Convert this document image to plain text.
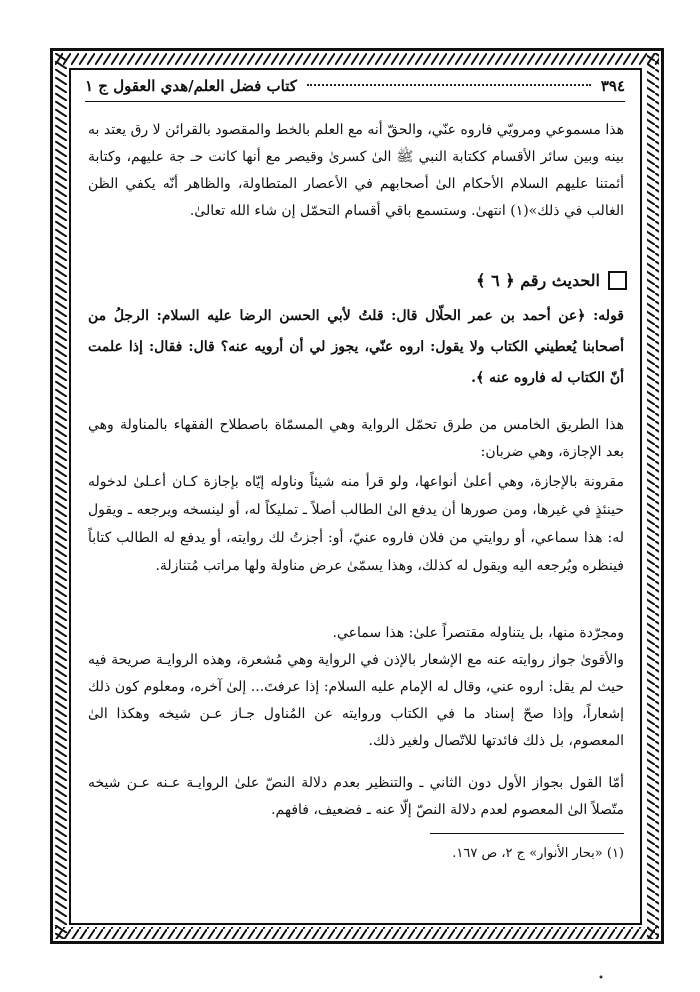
٣٩٤
كتاب فضل العلم/هدي العقول ج ١
هذا مسموعي ومرويّي فاروه عنّي، والحقّ أنه مع العلم بالخط والمقصود بالقرائن لا رق يعتد به بينه وبين سائر الأقسام ككتابة النبي ﷺ الىٰ كسرىٰ وقيصر مع أنها كانت حـ جة عليهم، وكتابة أئمتنا عليهم السلام الأحكام الىٰ أصحابهم في الأعصار المتطاولة، والظاهر أنّه يكفي الظن الغالب في ذلك»(١) انتهىٰ. وستسمع باقي أقسام التحمّل إن شاء الله تعالىٰ.
الحديث رقم ﴿ ٦ ﴾
قوله: ﴿عن أحمد بن عمر الحلّال قال: قلتُ لأبي الحسن الرضا عليه السلام: الرجلُ من أصحابنا يُعطيني الكتاب ولا يقول: اروه عنّي، يجوز لي أن أرويه عنه؟ قال: فقال: إذا علمت أنّ الكتاب له فاروه عنه ﴾.
هذا الطريق الخامس من طرق تحمّل الرواية وهي المسمّاة باصطلاح الفقهاء بالمناولة وهي بعد الإجازة، وهي ضربان:
مقرونة بالإجازة، وهي أعلىٰ أنواعها، ولو قرأ منه شيئاً وناوله إيّاه بإجازة كـان أعـلىٰ لدخوله حينئذٍ في غيرها، ومن صورها أن يدفع الىٰ الطالب أصلاً ـ تمليكاً له، أو لينسخه ويرجعه ـ ويقول له: هذا سماعي، أو روايتي من فلان فاروه عنيّ، أو: أجزتُ لك روايته، أو يدفع له الطالب كتاباً فينظره ويُرجعه اليه ويقول له كذلك، وهذا يسمّىٰ عرض مناولة ولها مراتب مُتنازلة.
ومجرّدة منها، بل يتناوله مقتصراً علىٰ: هذا سماعي.
والأقوىٰ جواز روايته عنه مع الإشعار بالإذن في الرواية وهي مُشعرة، وهذه الروايـة صريحة فيه حيث لم يقل: اروه عني، وقال له الإمام عليه السلام: إذا عرفتَ... إلىٰ آخره، ومعلوم كون ذلك إشعاراً، وإذا صحّ إسناد ما في الكتاب وروايته عن المُناول جـاز عـن شيخه وهكذا الىٰ المعصوم، بل ذلك فائدتها للاتّصال ولغير ذلك.
أمّا القول بجواز الأول دون الثاني ـ والتنظير بعدم دلالة النصّ علىٰ الروايـة عـنه عـن شيخه متّصلاً الىٰ المعصوم لعدم دلالة النصّ إلّا عنه ـ فضعيف، فافهم.
(١) «بحار الأنوار» ج ٢، ص ١٦٧.
